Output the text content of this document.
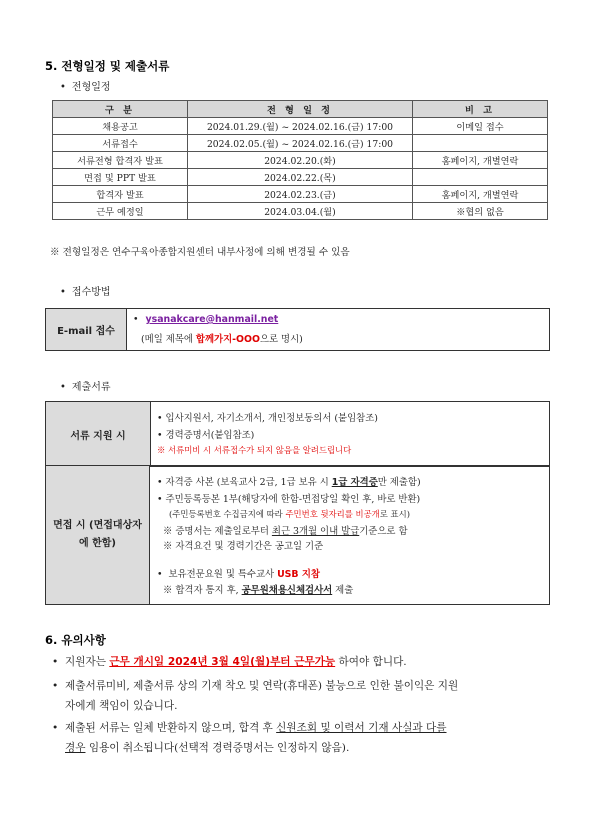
5. 전형일정 및 제출서류
• 전형일정
구 분	전 형 일 정	비 고
채용공고	2024.01.29.(월) ~ 2024.02.16.(금) 17:00	이메일 접수
서류접수	2024.02.05.(월) ~ 2024.02.16.(금) 17:00	
서류전형 합격자 발표	2024.02.20.(화)	홈페이지, 개별연락
면접 및 PPT 발표	2024.02.22.(목)	
합격자 발표	2024.02.23.(금)	홈페이지, 개별연락
근무 예정일	2024.03.04.(월)	※협의 없음
※ 전형일정은 연수구육아종합지원센터 내부사정에 의해 변경될 수 있음
• 접수방법
E-mail 접수
• ysanakcare@hanmail.net
(메일 제목에 합께가지-OOO으로 명시)
• 제출서류
서류 지원 시
• 입사지원서, 자기소개서, 개인정보동의서 (붙임참조)
• 경력증명서(붙임참조)
※ 서류미비 시 서류접수가 되지 않음을 알려드립니다
면접 시 (면접대상자에 한함)
• 자격증 사본 (보육교사 2급, 1급 보유 시 1급 자격증만 제출함)
• 주민등록등본 1부(해당자에 한함-면접당일 확인 후, 바로 반환)
(주민등록번호 수집금지에 따라 주민번호 뒷자리를 비공개로 표시)
※ 증명서는 제출일로부터 최근 3개월 이내 발급기준으로 함
※ 자격요건 및 경력기간은 공고일 기준
• 보유전문요원 및 특수교사 USB 지참
※ 합격자 통지 후, 공무원채용신체검사서 제출
6. 유의사항
• 지원자는 근무 개시일 2024년 3월 4일(월)부터 근무가능 하여야 합니다.
• 제출서류미비, 제출서류 상의 기재 착오 및 연락(휴대폰) 불능으로 인한 불이익은 지원
자에게 책임이 있습니다.
• 제출된 서류는 일체 반환하지 않으며, 합격 후 신원조회 및 이력서 기재 사실과 다를
경우 임용이 취소됩니다(선택적 경력증명서는 인정하지 않음).
